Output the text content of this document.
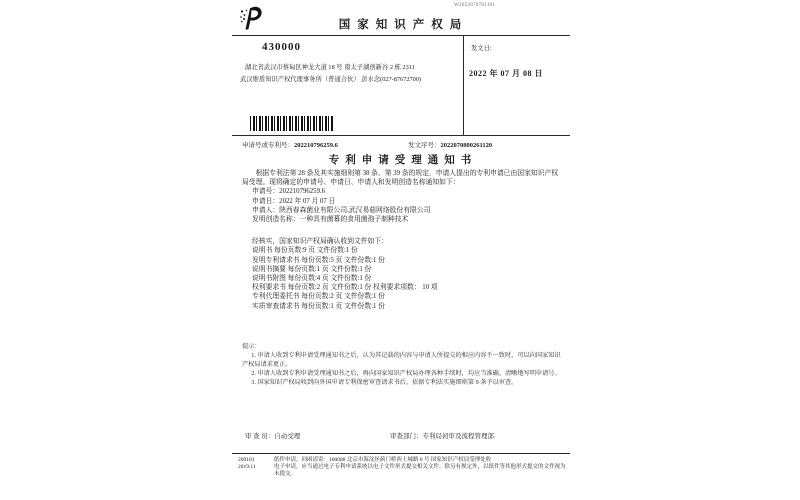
W2022070781101
国家知识产权局
430000
湖北省武汉市蔡甸区神龙大道 18 号 南太子湖创新谷 2 栋 2311
武汉维盾知识产权代理事务所（普通合伙） 彭水念(027-87672700)
发文日:
2022 年 07 月 08 日
申请号或专利号：202210796259.6	发文序号：2022070800261120
专利申请受理通知书

根据专利法第 28 条及其实施细则第 38 条、第 39 条的规定，申请人提出的专利申请已由国家知识产权局受理。现将确定的申请号、申请日、申请人和发明创造名称通知如下：

申请号：202210796259.6

申请日：2022 年 07 月 07 日

申请人：陕西春森菌业有限公司,武汉易菇网络股份有限公司

发明创造名称：一种具有菌幕的食用菌孢子制种技术

经核实，国家知识产权局确认收到文件如下：

说明书 每份页数:9 页 文件份数:1 份

发明专利请求书 每份页数:5 页 文件份数:1 份

说明书摘要 每份页数:1 页 文件份数:1 份

说明书附图 每份页数:4 页 文件份数:1 份

权利要求书 每份页数:2 页 文件份数:1 份 权利要求项数： 10 项

专利代理委托书 每份页数:2 页 文件份数:1 份

实质审查请求书 每份页数:1 页 文件份数:1 份

提示：

1. 申请人收到专利申请受理通知书之后，认为其记载的内容与申请人所提交的相应内容不一致时，可以向国家知识产权局请求更正。

2. 申请人收到专利申请受理通知书之后，再向国家知识产权局办理各种手续时，均应当准确、清晰地写明申请号。

3. 国家知识产权局收到向外国申请专利保密审查请求书后，依据专利法实施细则第 9 条予以审查。

审 查 员：自动受理	审查部门：专利局初审及流程管理部
200101
2019.11
纸件申请，回函请寄：100088 北京市海淀区蓟门桥西土城路 6 号 国家知识产权局受理处收
电子申请，应当通过电子专利申请系统以电子文件形式提交相关文件。除另有规定外，以纸件等其他形式提交的文件视为未提交。
